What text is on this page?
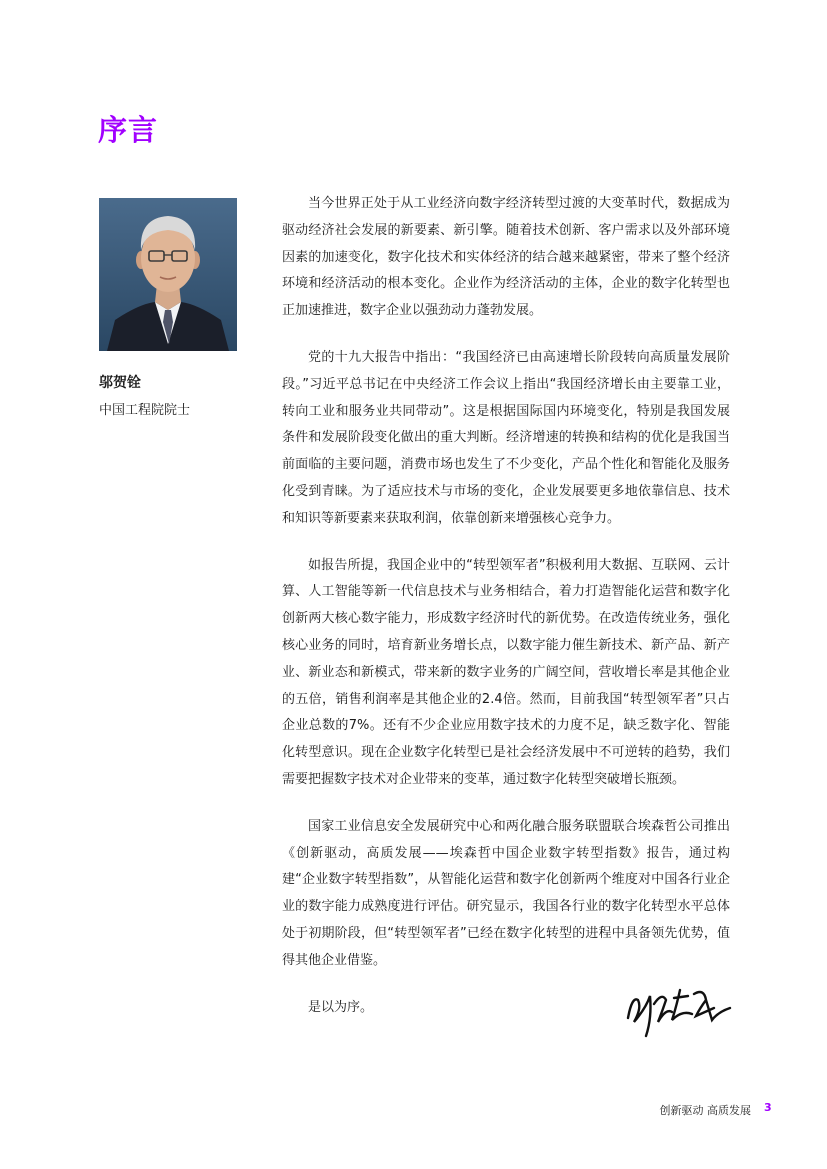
序言
邬贺铨
中国工程院院士

当今世界正处于从工业经济向数字经济转型过渡的大变革时代，数据成为驱动经济社会发展的新要素、新引擎。随着技术创新、客户需求以及外部环境因素的加速变化，数字化技术和实体经济的结合越来越紧密，带来了整个经济环境和经济活动的根本变化。企业作为经济活动的主体，企业的数字化转型也正加速推进，数字企业以强劲动力蓬勃发展。

党的十九大报告中指出：“我国经济已由高速增长阶段转向高质量发展阶段。”习近平总书记在中央经济工作会议上指出“我国经济增长由主要靠工业，转向工业和服务业共同带动”。这是根据国际国内环境变化，特别是我国发展条件和发展阶段变化做出的重大判断。经济增速的转换和结构的优化是我国当前面临的主要问题，消费市场也发生了不少变化，产品个性化和智能化及服务化受到青睐。为了适应技术与市场的变化，企业发展要更多地依靠信息、技术和知识等新要素来获取利润，依靠创新来增强核心竞争力。

如报告所提，我国企业中的“转型领军者”积极利用大数据、互联网、云计算、人工智能等新一代信息技术与业务相结合，着力打造智能化运营和数字化创新两大核心数字能力，形成数字经济时代的新优势。在改造传统业务，强化核心业务的同时，培育新业务增长点，以数字能力催生新技术、新产品、新产业、新业态和新模式，带来新的数字业务的广阔空间，营收增长率是其他企业的五倍，销售利润率是其他企业的2.4倍。然而，目前我国“转型领军者”只占企业总数的7%。还有不少企业应用数字技术的力度不足，缺乏数字化、智能化转型意识。现在企业数字化转型已是社会经济发展中不可逆转的趋势，我们需要把握数字技术对企业带来的变革，通过数字化转型突破增长瓶颈。

国家工业信息安全发展研究中心和两化融合服务联盟联合埃森哲公司推出《创新驱动，高质发展——埃森哲中国企业数字转型指数》报告，通过构建“企业数字转型指数”，从智能化运营和数字化创新两个维度对中国各行业企业的数字能力成熟度进行评估。研究显示，我国各行业的数字化转型水平总体处于初期阶段，但“转型领军者”已经在数字化转型的进程中具备领先优势，值得其他企业借鉴。

是以为序。

创新驱动 高质发展 3
